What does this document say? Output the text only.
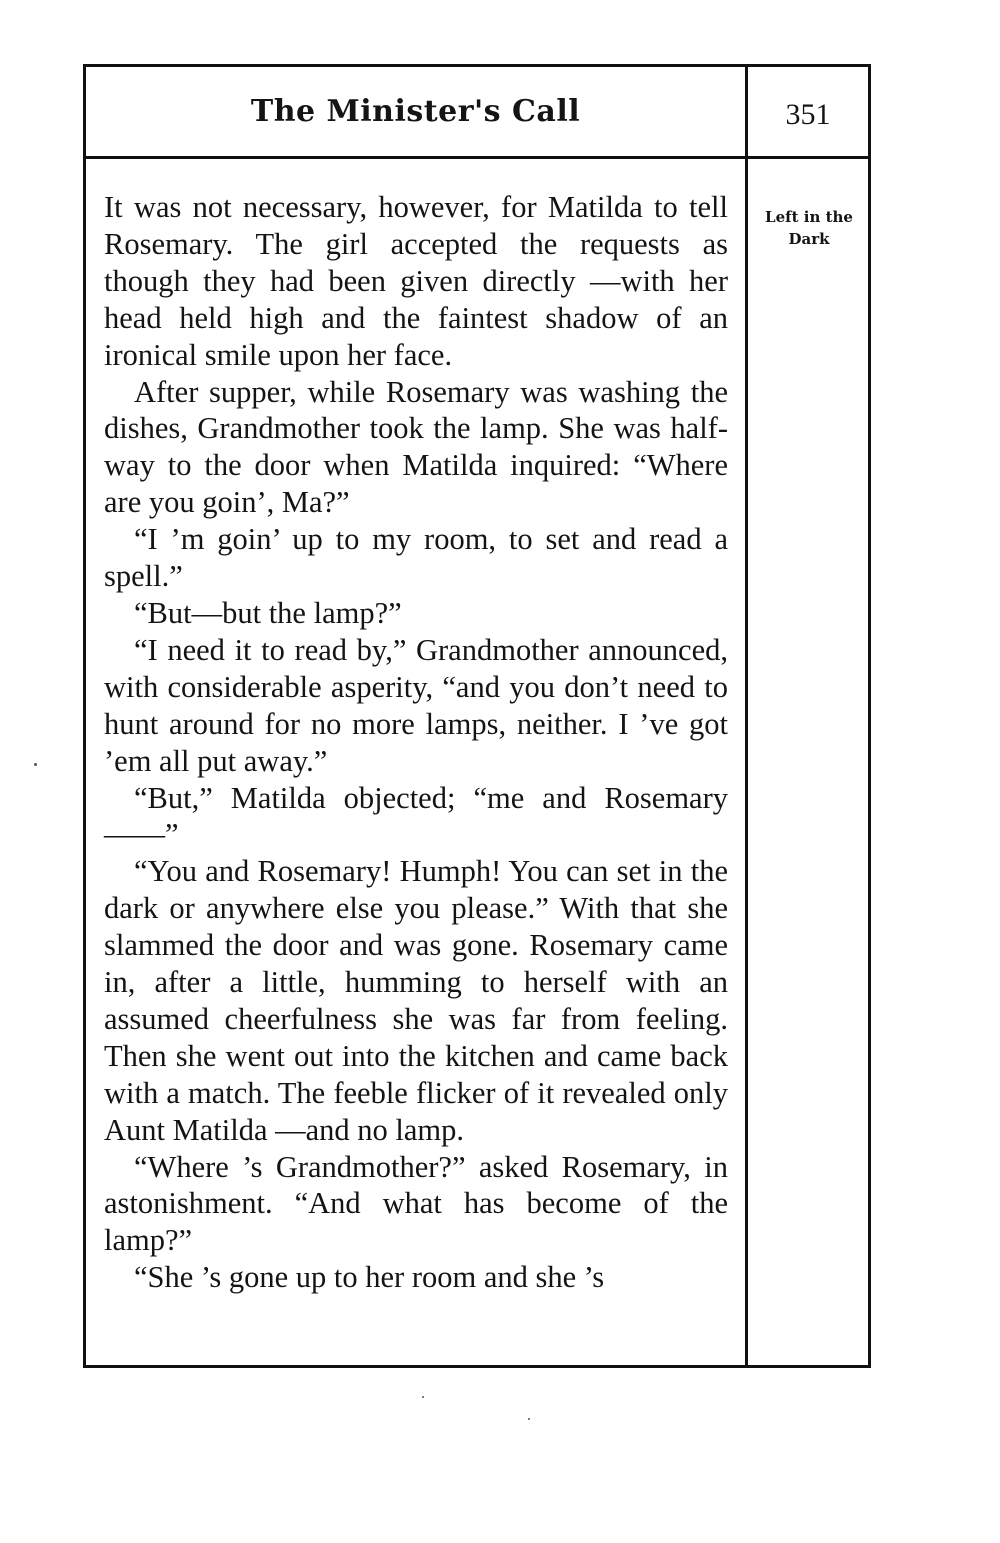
The Minister's Call	351
Left in the
Dark

It was not necessary, however, for Matilda to tell Rosemary. The girl accepted the requests as though they had been given directly —with her head held high and the faintest shadow of an ironical smile upon her face.

After supper, while Rosemary was washing the dishes, Grandmother took the lamp. She was half-way to the door when Matilda inquired: “Where are you goin’, Ma?”

“I ’m goin’ up to my room, to set and read a spell.”

“But—but the lamp?”

“I need it to read by,” Grandmother announced, with considerable asperity, “and you don’t need to hunt around for no more lamps, neither. I ’ve got ’em all put away.”

“But,” Matilda objected; “me and Rosemary——”

“You and Rosemary! Humph! You can set in the dark or anywhere else you please.” With that she slammed the door and was gone. Rosemary came in, after a little, humming to herself with an assumed cheerfulness she was far from feeling. Then she went out into the kitchen and came back with a match. The feeble flicker of it revealed only Aunt Matilda —and no lamp.

“Where ’s Grandmother?” asked Rosemary, in astonishment. “And what has become of the lamp?”

“She ’s gone up to her room and she ’s
